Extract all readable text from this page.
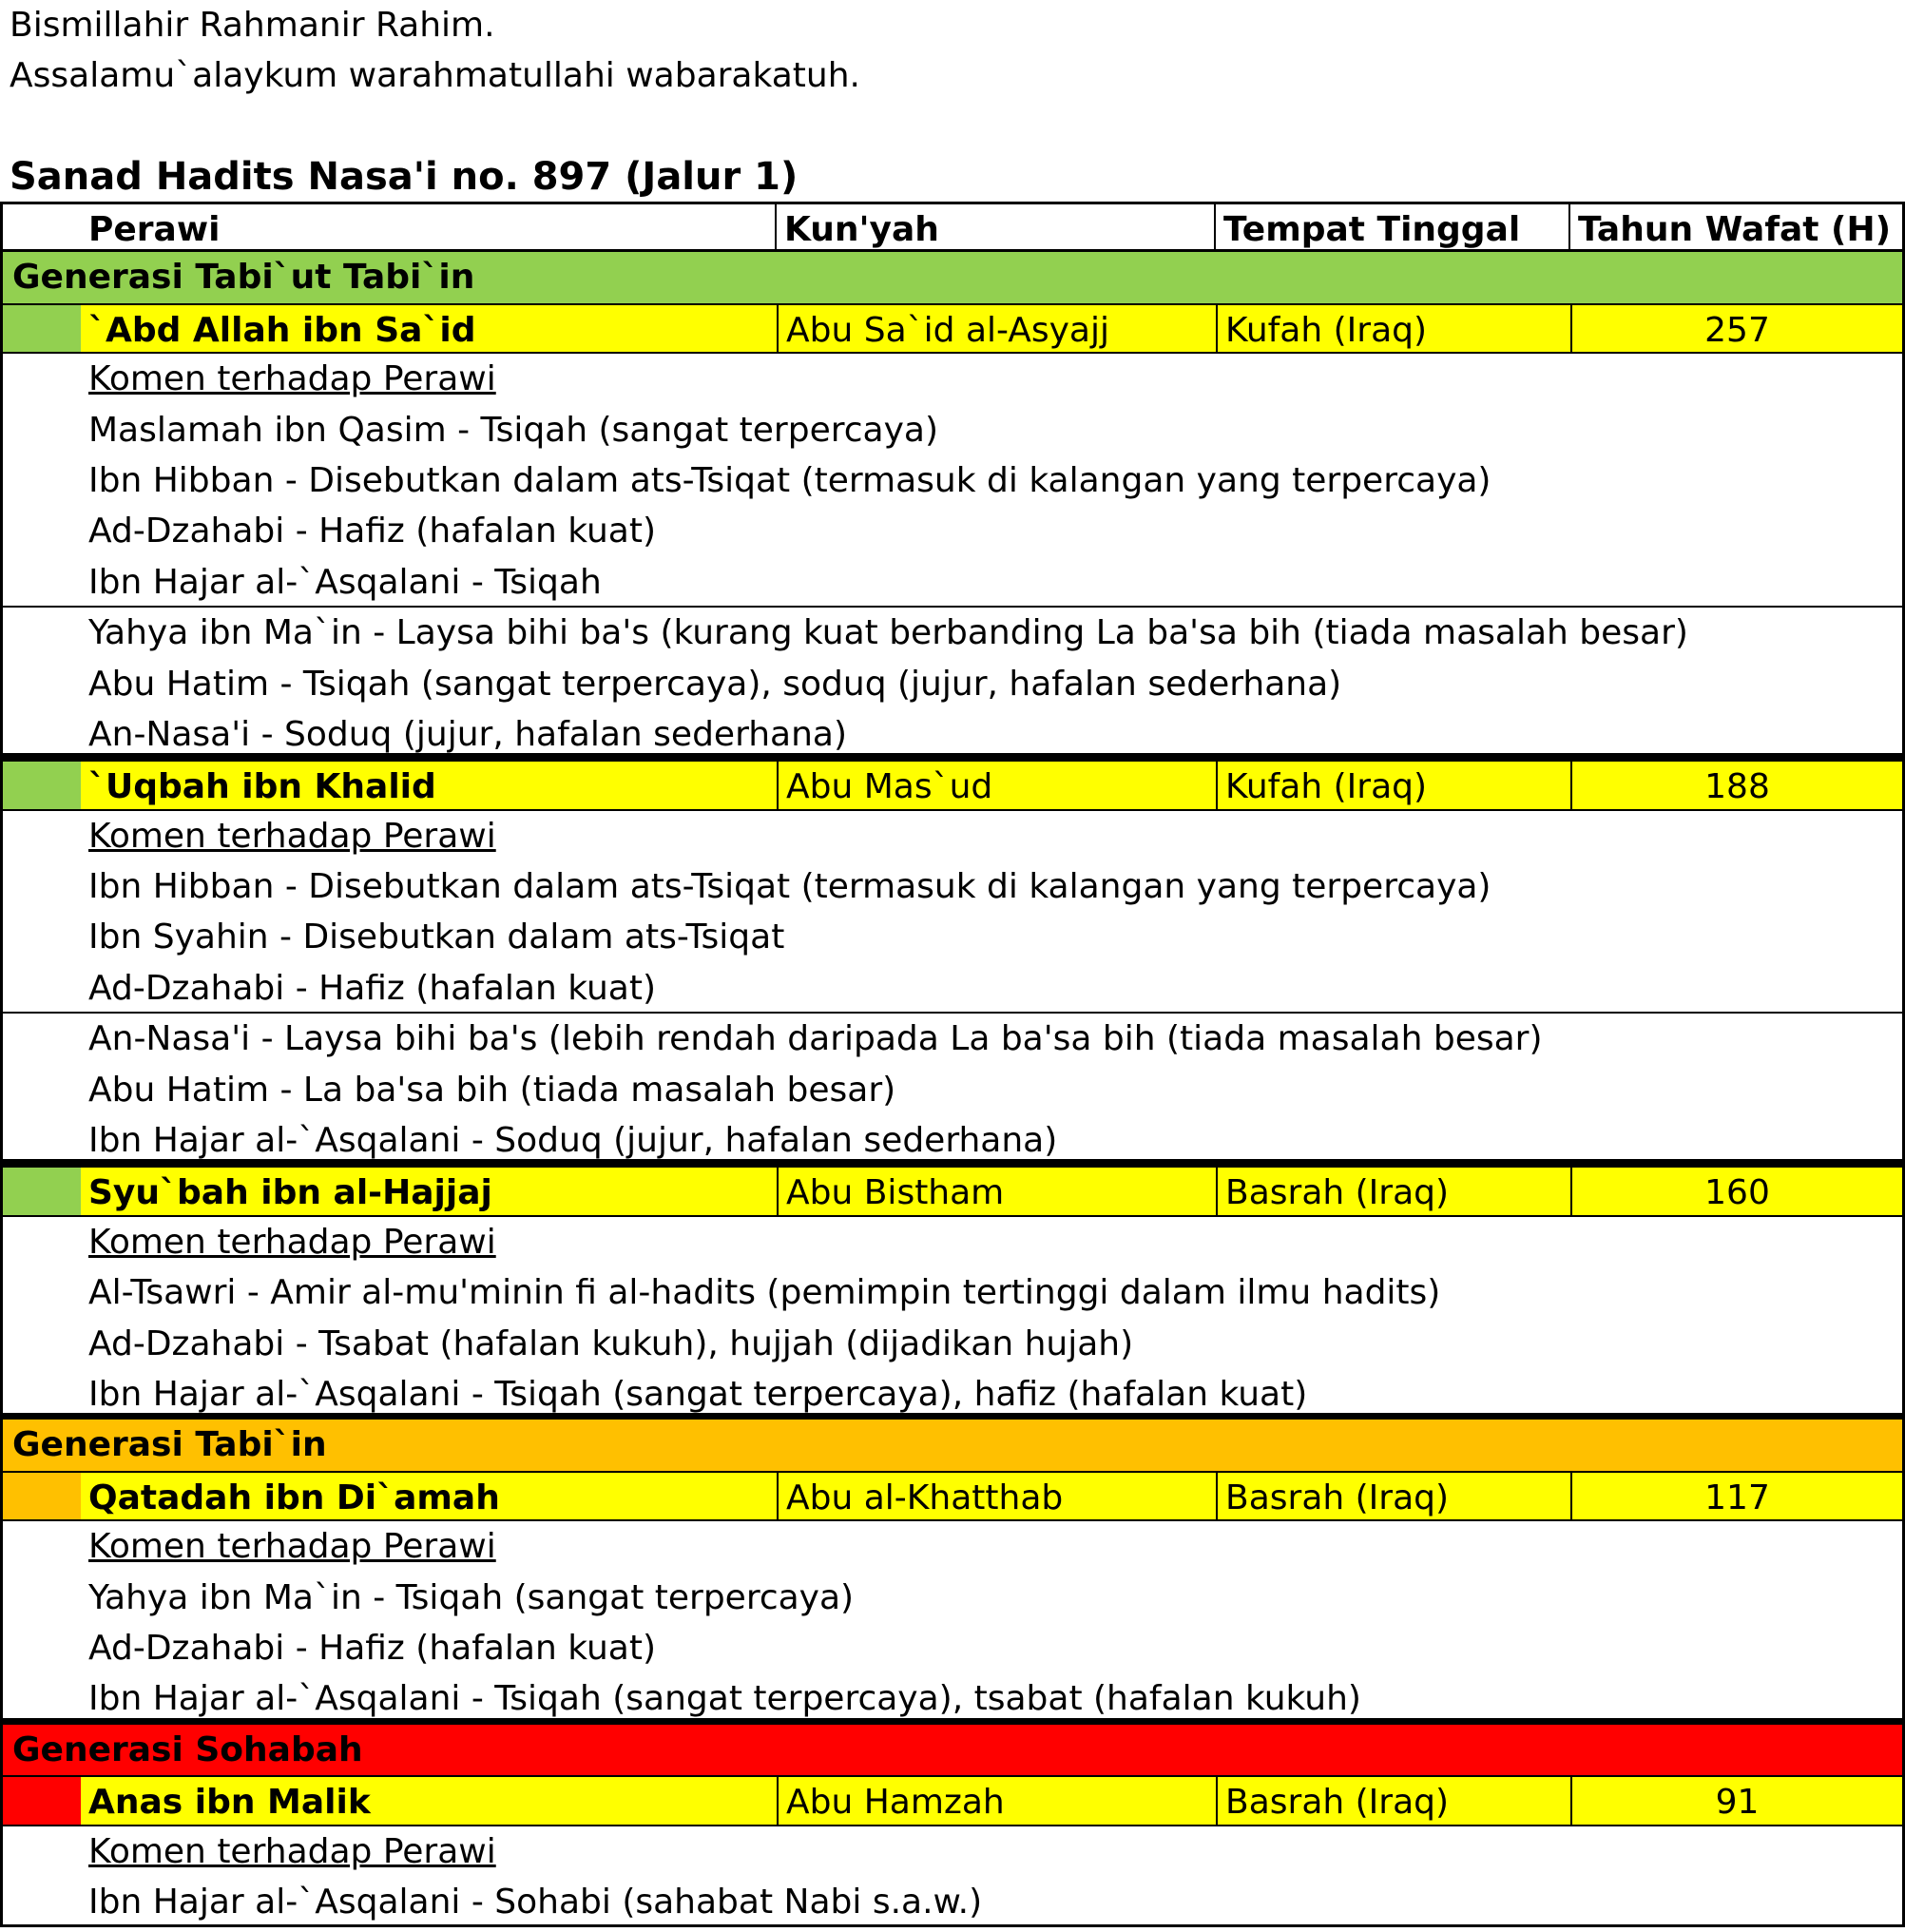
Bismillahir Rahmanir Rahim.
Assalamu`alaykum warahmatullahi wabarakatuh.
Sanad Hadits Nasa'i no. 897 (Jalur 1)
Perawi	Kun'yah	Tempat Tinggal	Tahun Wafat (H)
Generasi Tabi`ut Tabi`in
`Abd Allah ibn Sa`id	Abu Sa`id al-Asyajj	Kufah (Iraq)	257
Komen terhadap Perawi
Maslamah ibn Qasim - Tsiqah (sangat terpercaya)
Ibn Hibban - Disebutkan dalam ats-Tsiqat (termasuk di kalangan yang terpercaya)
Ad-Dzahabi - Hafiz (hafalan kuat)
Ibn Hajar al-`Asqalani - Tsiqah
Yahya ibn Ma`in - Laysa bihi ba's (kurang kuat berbanding La ba'sa bih (tiada masalah besar)
Abu Hatim - Tsiqah (sangat terpercaya), soduq (jujur, hafalan sederhana)
An-Nasa'i - Soduq (jujur, hafalan sederhana)
`Uqbah ibn Khalid	Abu Mas`ud	Kufah (Iraq)	188
Komen terhadap Perawi
Ibn Hibban - Disebutkan dalam ats-Tsiqat (termasuk di kalangan yang terpercaya)
Ibn Syahin - Disebutkan dalam ats-Tsiqat
Ad-Dzahabi - Hafiz (hafalan kuat)
An-Nasa'i - Laysa bihi ba's (lebih rendah daripada La ba'sa bih (tiada masalah besar)
Abu Hatim - La ba'sa bih (tiada masalah besar)
Ibn Hajar al-`Asqalani - Soduq (jujur, hafalan sederhana)
Syu`bah ibn al-Hajjaj	Abu Bistham	Basrah (Iraq)	160
Komen terhadap Perawi
Al-Tsawri - Amir al-mu'minin fi al-hadits (pemimpin tertinggi dalam ilmu hadits)
Ad-Dzahabi - Tsabat (hafalan kukuh), hujjah (dijadikan hujah)
Ibn Hajar al-`Asqalani - Tsiqah (sangat terpercaya), hafiz (hafalan kuat)
Generasi Tabi`in
Qatadah ibn Di`amah	Abu al-Khatthab	Basrah (Iraq)	117
Komen terhadap Perawi
Yahya ibn Ma`in - Tsiqah (sangat terpercaya)
Ad-Dzahabi - Hafiz (hafalan kuat)
Ibn Hajar al-`Asqalani - Tsiqah (sangat terpercaya), tsabat (hafalan kukuh)
Generasi Sohabah
Anas ibn Malik	Abu Hamzah	Basrah (Iraq)	91
Komen terhadap Perawi
Ibn Hajar al-`Asqalani - Sohabi (sahabat Nabi s.a.w.)
